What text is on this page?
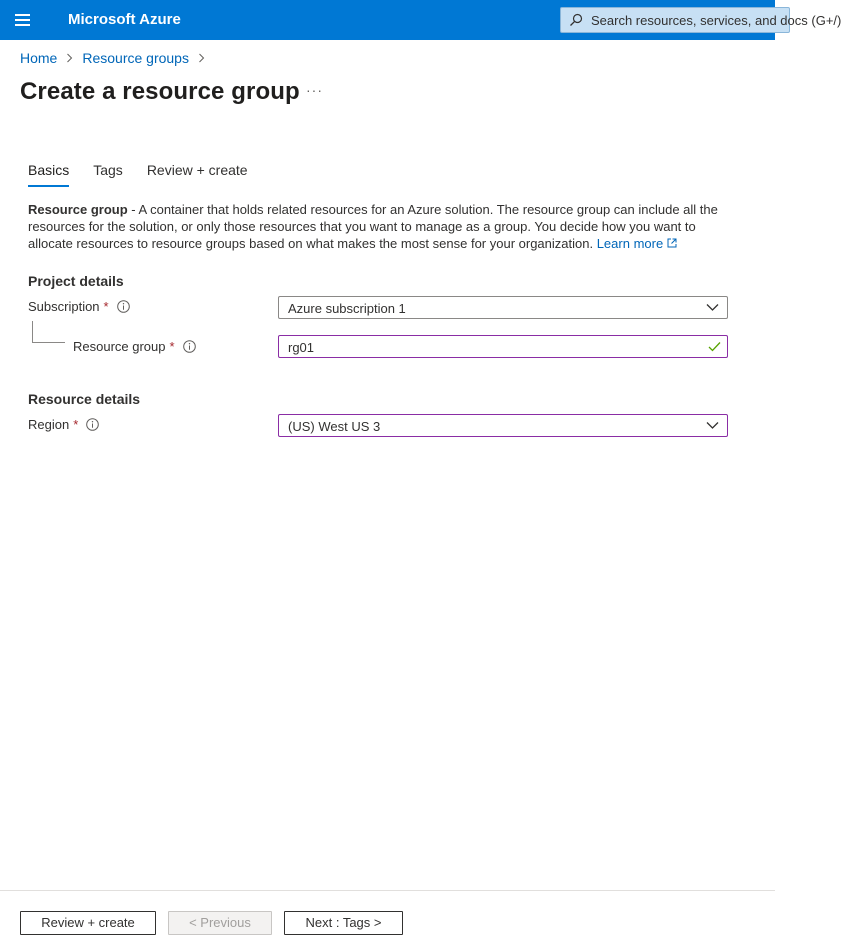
Microsoft Azure	Search resources, services, and docs (G+/)
Home Resource groups
Create a resource group ···
Basics Tags Review + create
Resource group - A container that holds related resources for an Azure solution. The resource group can include all the resources for the solution, or only those resources that you want to manage as a group. You decide how you want to allocate resources to resource groups based on what makes the most sense for your organization. Learn more
Project details
Subscription *	Azure subscription 1
Resource group *	rg01
Resource details
Region *	(US) West US 3
Review + create	< Previous	Next : Tags >
